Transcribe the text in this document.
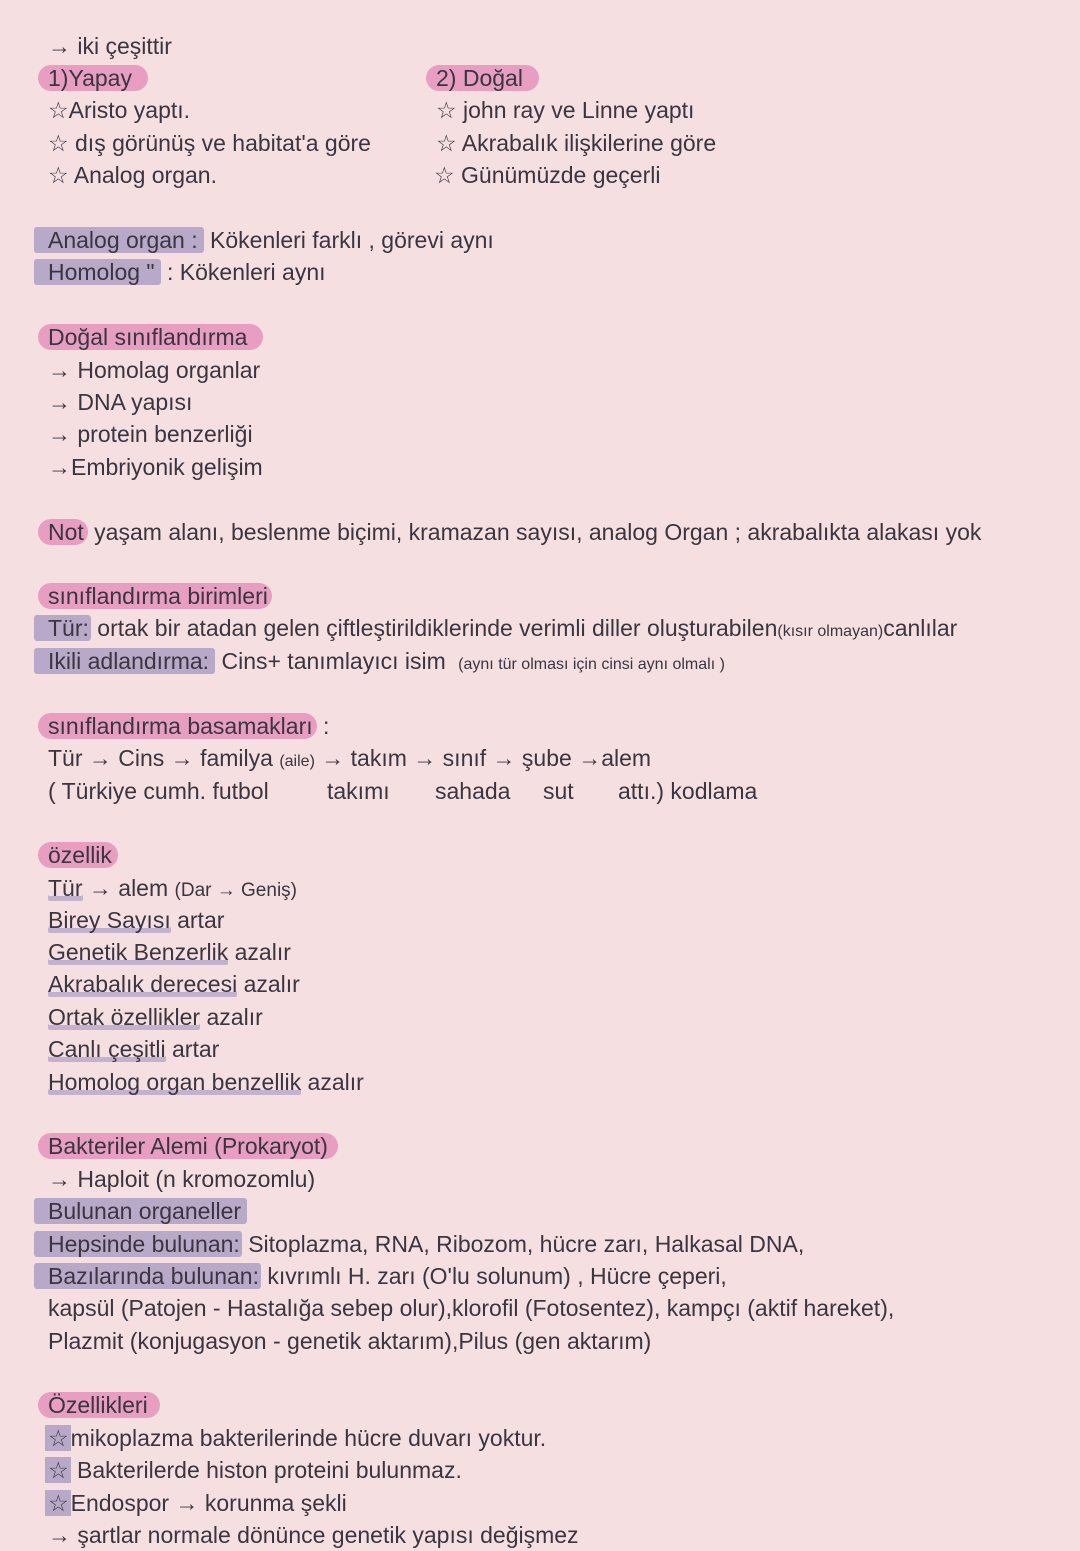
→ iki çeşittir
1)Yapay	2) Doğal
☆Aristo yaptı.	☆ john ray ve Linne yaptı
☆ dış görünüş ve habitat'a göre	☆ Akrabalık ilişkilerine göre
☆ Analog organ.	☆ Günümüzde geçerli
Analog organ : Kökenleri farklı , görevi aynı
Homolog " : Kökenleri aynı
Doğal sınıflandırma
→ Homolag organlar
→ DNA yapısı
→ protein benzerliği
→Embriyonik gelişim
Not yaşam alanı, beslenme biçimi, kramazan sayısı, analog Organ ; akrabalıkta alakası yok
sınıflandırma birimleri
Tür: ortak bir atadan gelen çiftleştirildiklerinde verimli diller oluşturabilen(kısır olmayan)canlılar
Ikili adlandırma: Cins+ tanımlayıcı isim (aynı tür olması için cinsi aynı olmalı )
sınıflandırma basamakları :
Tür → Cins → familya (aile) → takım → sınıf → şube →alem
( Türkiye cumh. futbol	takımı sahada sut attı.) kodlama
özellik
Tür → alem (Dar → Geniş)
Birey Sayısı artar
Genetik Benzerlik azalır
Akrabalık derecesi azalır
Ortak özellikler azalır
Canlı çeşitli artar
Homolog organ benzellik azalır
Bakteriler Alemi (Prokaryot)
→ Haploit (n kromozomlu)
Bulunan organeller
Hepsinde bulunan: Sitoplazma, RNA, Ribozom, hücre zarı, Halkasal DNA,
Bazılarında bulunan: kıvrımlı H. zarı (O'lu solunum) , Hücre çeperi,
kapsül (Patojen - Hastalığa sebep olur),klorofil (Fotosentez), kampçı (aktif hareket),
Plazmit (konjugasyon - genetik aktarım),Pilus (gen aktarım)
Özellikleri
☆mikoplazma bakterilerinde hücre duvarı yoktur.
☆ Bakterilerde histon proteini bulunmaz.
☆Endospor → korunma şekli
→ şartlar normale dönünce genetik yapısı değişmez
